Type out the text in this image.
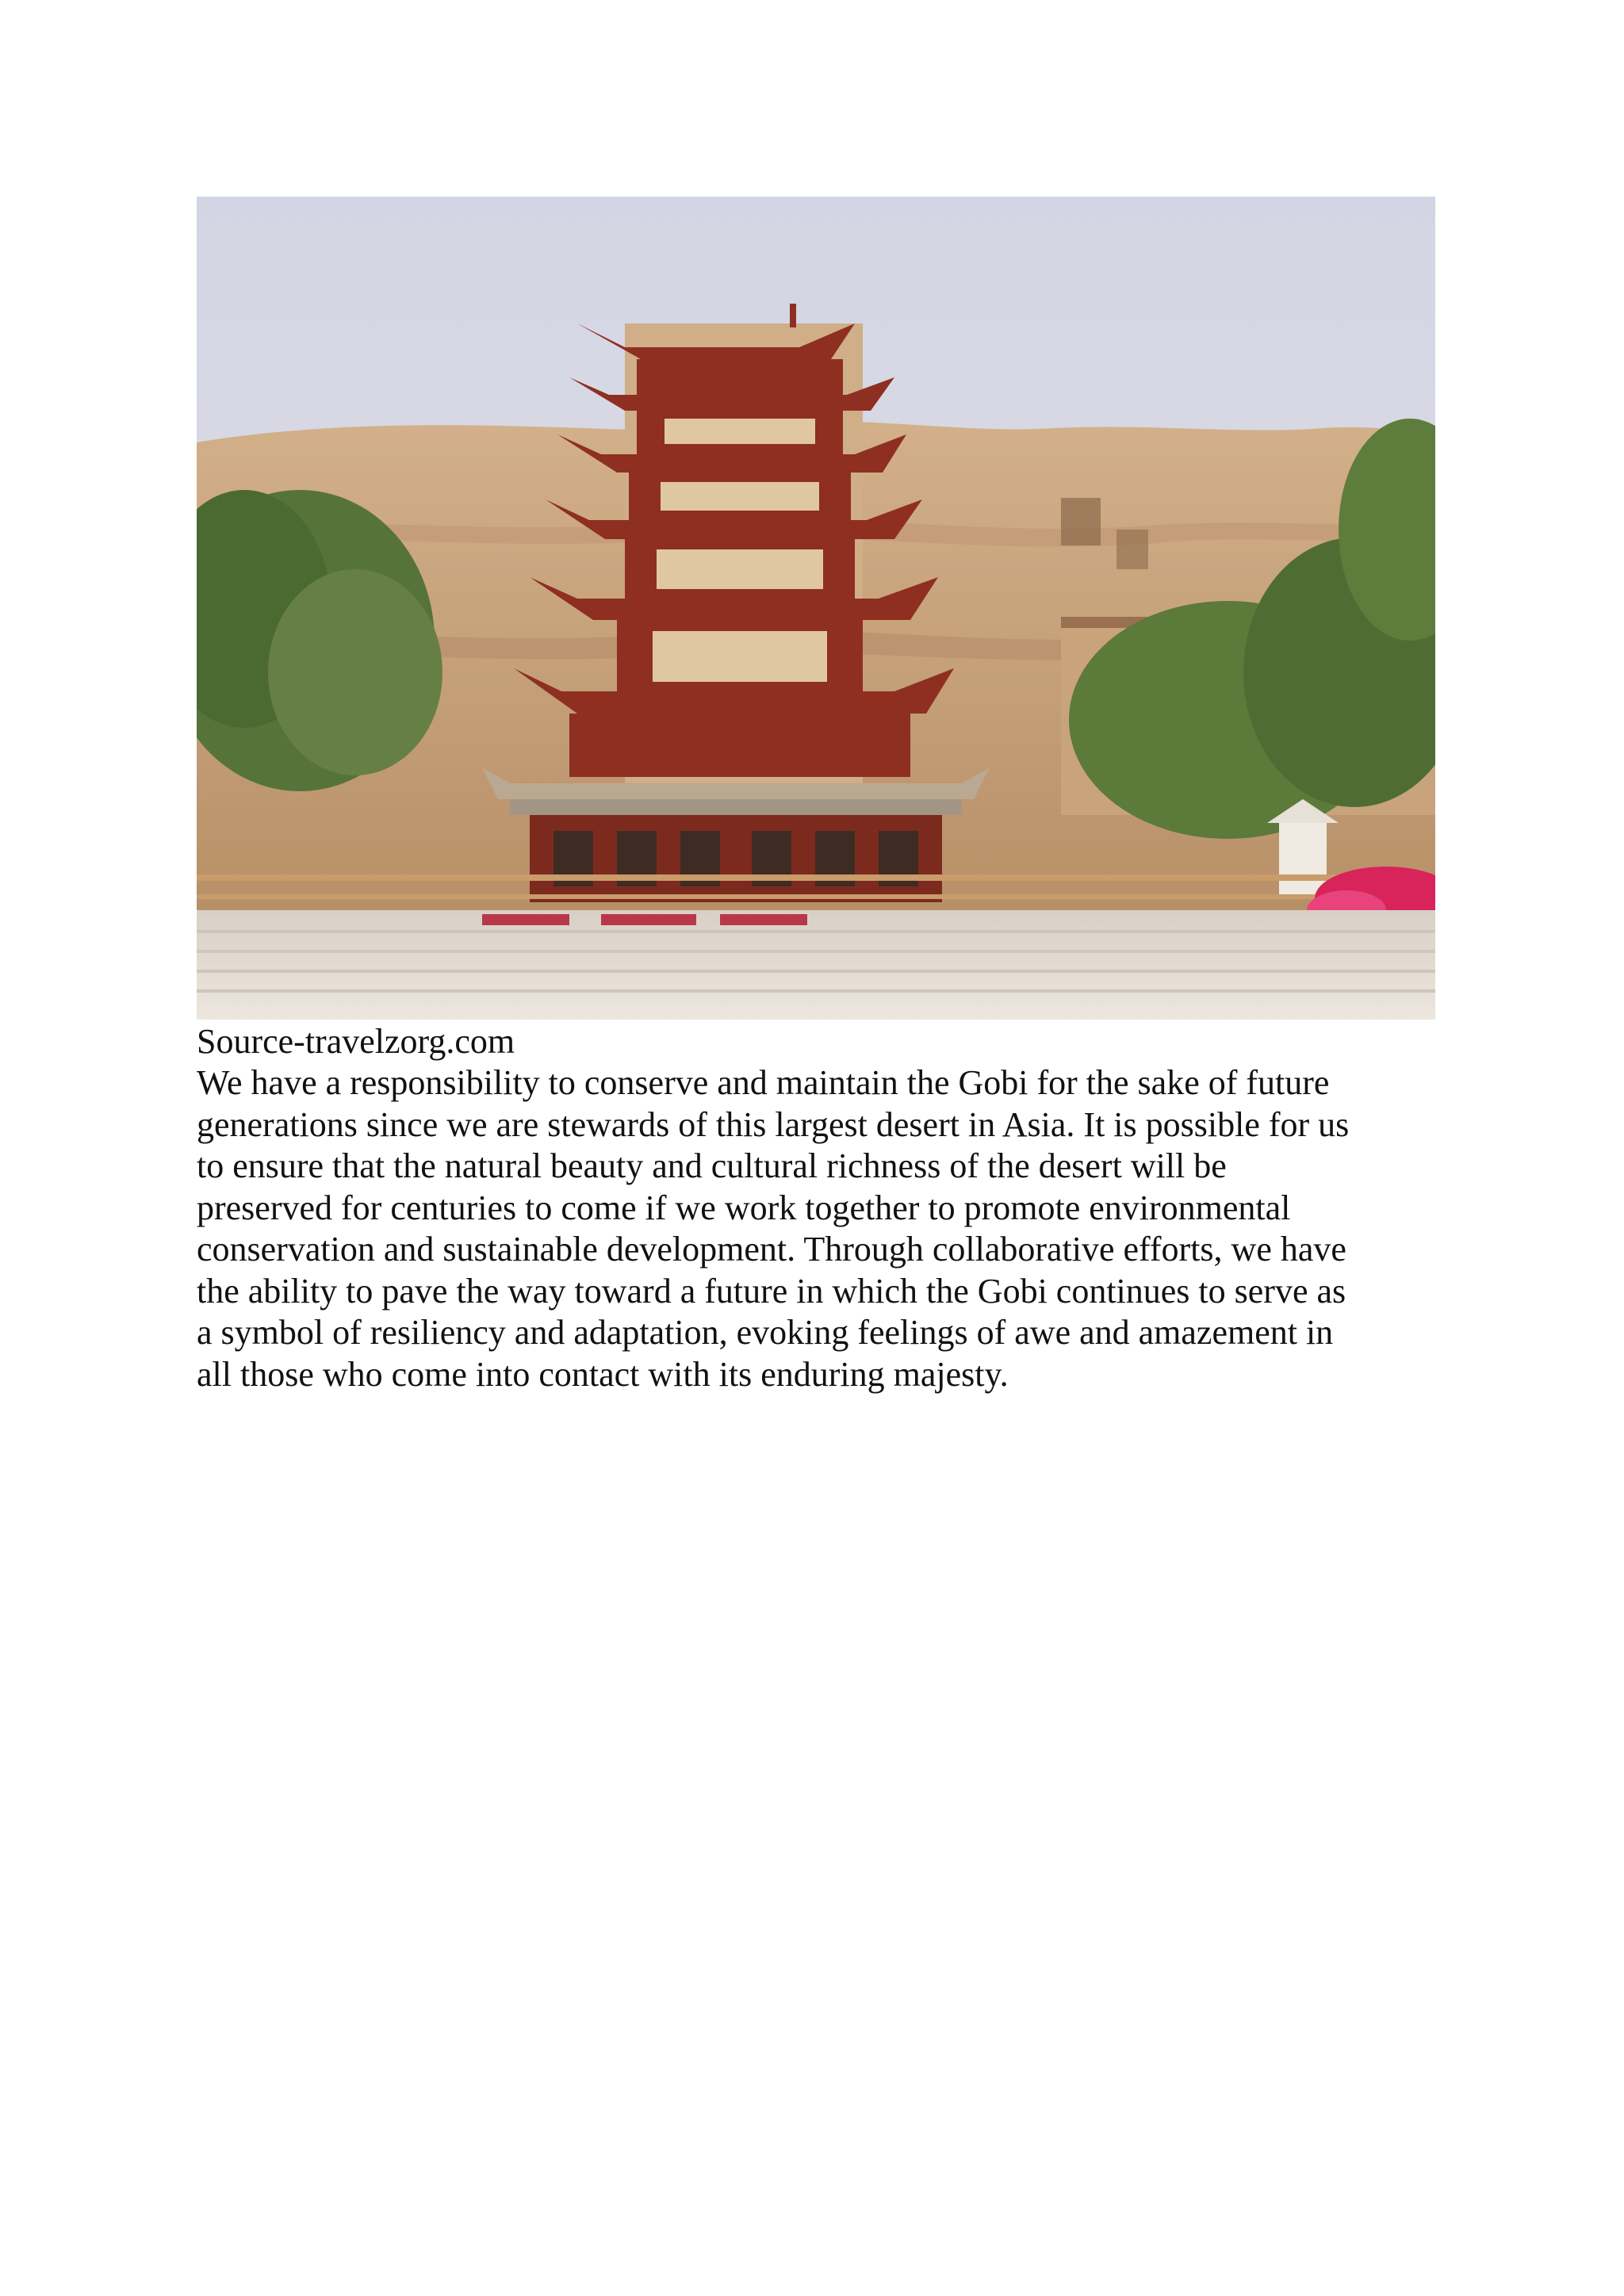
Source-travelzorg.com
We have a responsibility to conserve and maintain the Gobi for the sake of future
generations since we are stewards of this largest desert in Asia. It is possible for us
to ensure that the natural beauty and cultural richness of the desert will be
preserved for centuries to come if we work together to promote environmental
conservation and sustainable development. Through collaborative efforts, we have
the ability to pave the way toward a future in which the Gobi continues to serve as
a symbol of resiliency and adaptation, evoking feelings of awe and amazement in
all those who come into contact with its enduring majesty.
